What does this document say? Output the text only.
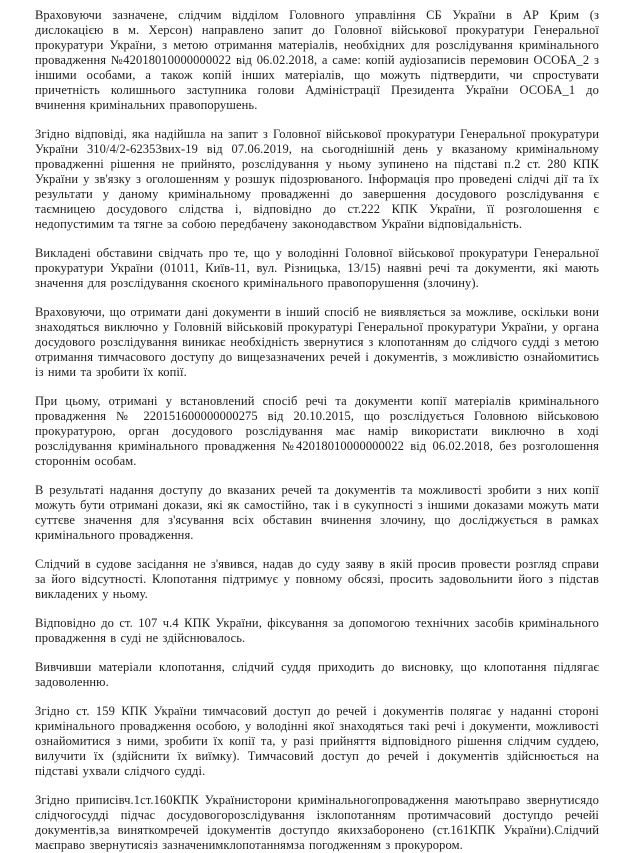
Враховуючи зазначене, слідчим відділом Головного управління СБ України в АР Крим (з дислокацією в м. Херсон) направлено запит до Головної військової прокуратури Генеральної прокуратури України, з метою отримання матеріалів, необхідних для розслідування кримінального провадження №42018010000000022 від 06.02.2018, а саме: копій аудіозаписів перемовин ОСОБА_2 з іншими особами, а також копій інших матеріалів, що можуть підтвердити, чи спростувати причетність колишнього заступника голови Адміністрації Президента України ОСОБА_1 до вчинення кримінальних правопорушень.

Згідно відповіді, яка надійшла на запит з Головної військової прокуратури Генеральної прокуратури України 310/4/2-62353вих-19 від 07.06.2019, на сьогоднішній день у вказаному кримінальному провадженні рішення не прийнято, розслідування у ньому зупинено на підставі п.2 ст. 280 КПК України у зв'язку з оголошенням у розшук підозрюваного. Інформація про проведені слідчі дії та їх результати у даному кримінальному провадженні до завершення досудового розслідування є таємницею досудового слідства і, відповідно до ст.222 КПК України, її розголошення є недопустимим та тягне за собою передбачену законодавством України відповідальність.

Викладені обставини свідчать про те, що у володінні Головної військової прокуратури Генеральної прокуратури України (01011, Київ-11, вул. Різницька, 13/15) наявні речі та документи, які мають значення для розслідування скоєного кримінального правопорушення (злочину).

Враховуючи, що отримати дані документи в інший спосіб не виявляється за можливе, оскільки вони знаходяться виключно у Головній військовій прокуратурі Генеральної прокуратури України, у органа досудового розслідування виникає необхідність звернутися з клопотанням до слідчого судді з метою отримання тимчасового доступу до вищезазначених речей і документів, з можливістю ознайомитись із ними та зробити їх копії.

При цьому, отримані у встановлений спосіб речі та документи копії матеріалів кримінального провадження № 220151600000000275 від 20.10.2015, що розслідується Головною військовою прокуратурою, орган досудового розслідування має намір використати виключно в ході розслідування кримінального провадження №42018010000000022 від 06.02.2018, без розголошення стороннім особам.

В результаті надання доступу до вказаних речей та документів та можливості зробити з них копії можуть бути отримані докази, які як самостійно, так і в сукупності з іншими доказами можуть мати суттєве значення для з'ясування всіх обставин вчинення злочину, що досліджується в рамках кримінального провадження.

Слідчий в судове засідання не з'явився, надав до суду заяву в якій просив провести розгляд справи за його відсутності. Клопотання підтримує у повному обсязі, просить задовольнити його з підстав викладених у ньому.

Відповідно до ст. 107 ч.4 КПК України, фіксування за допомогою технічних засобів кримінального провадження в суді не здійснювалось.

Вивчивши матеріали клопотання, слідчий суддя приходить до висновку, що клопотання підлягає задоволенню.

Згідно ст. 159 КПК України тимчасовий доступ до речей і документів полягає у наданні стороні кримінального провадження особою, у володінні якої знаходяться такі речі і документи, можливості ознайомитися з ними, зробити їх копії та, у разі прийняття відповідного рішення слідчим суддею, вилучити їх (здійснити їх виїмку). Тимчасовий доступ до речей і документів здійснюється на підставі ухвали слідчого судді.

Згідно приписівч.1ст.160КПК Українисторони кримінальногопровадження маютьправо звернутисядо слідчогосудді підчас досудовогорозслідування ізклопотанням протимчасовий доступдо речейі документів,за виняткомречей ідокументів доступдо якихзаборонено (ст.161КПК України).Слідчий маєправо звернутисяіз зазначенимклопотаннямза погодженням з прокурором.
